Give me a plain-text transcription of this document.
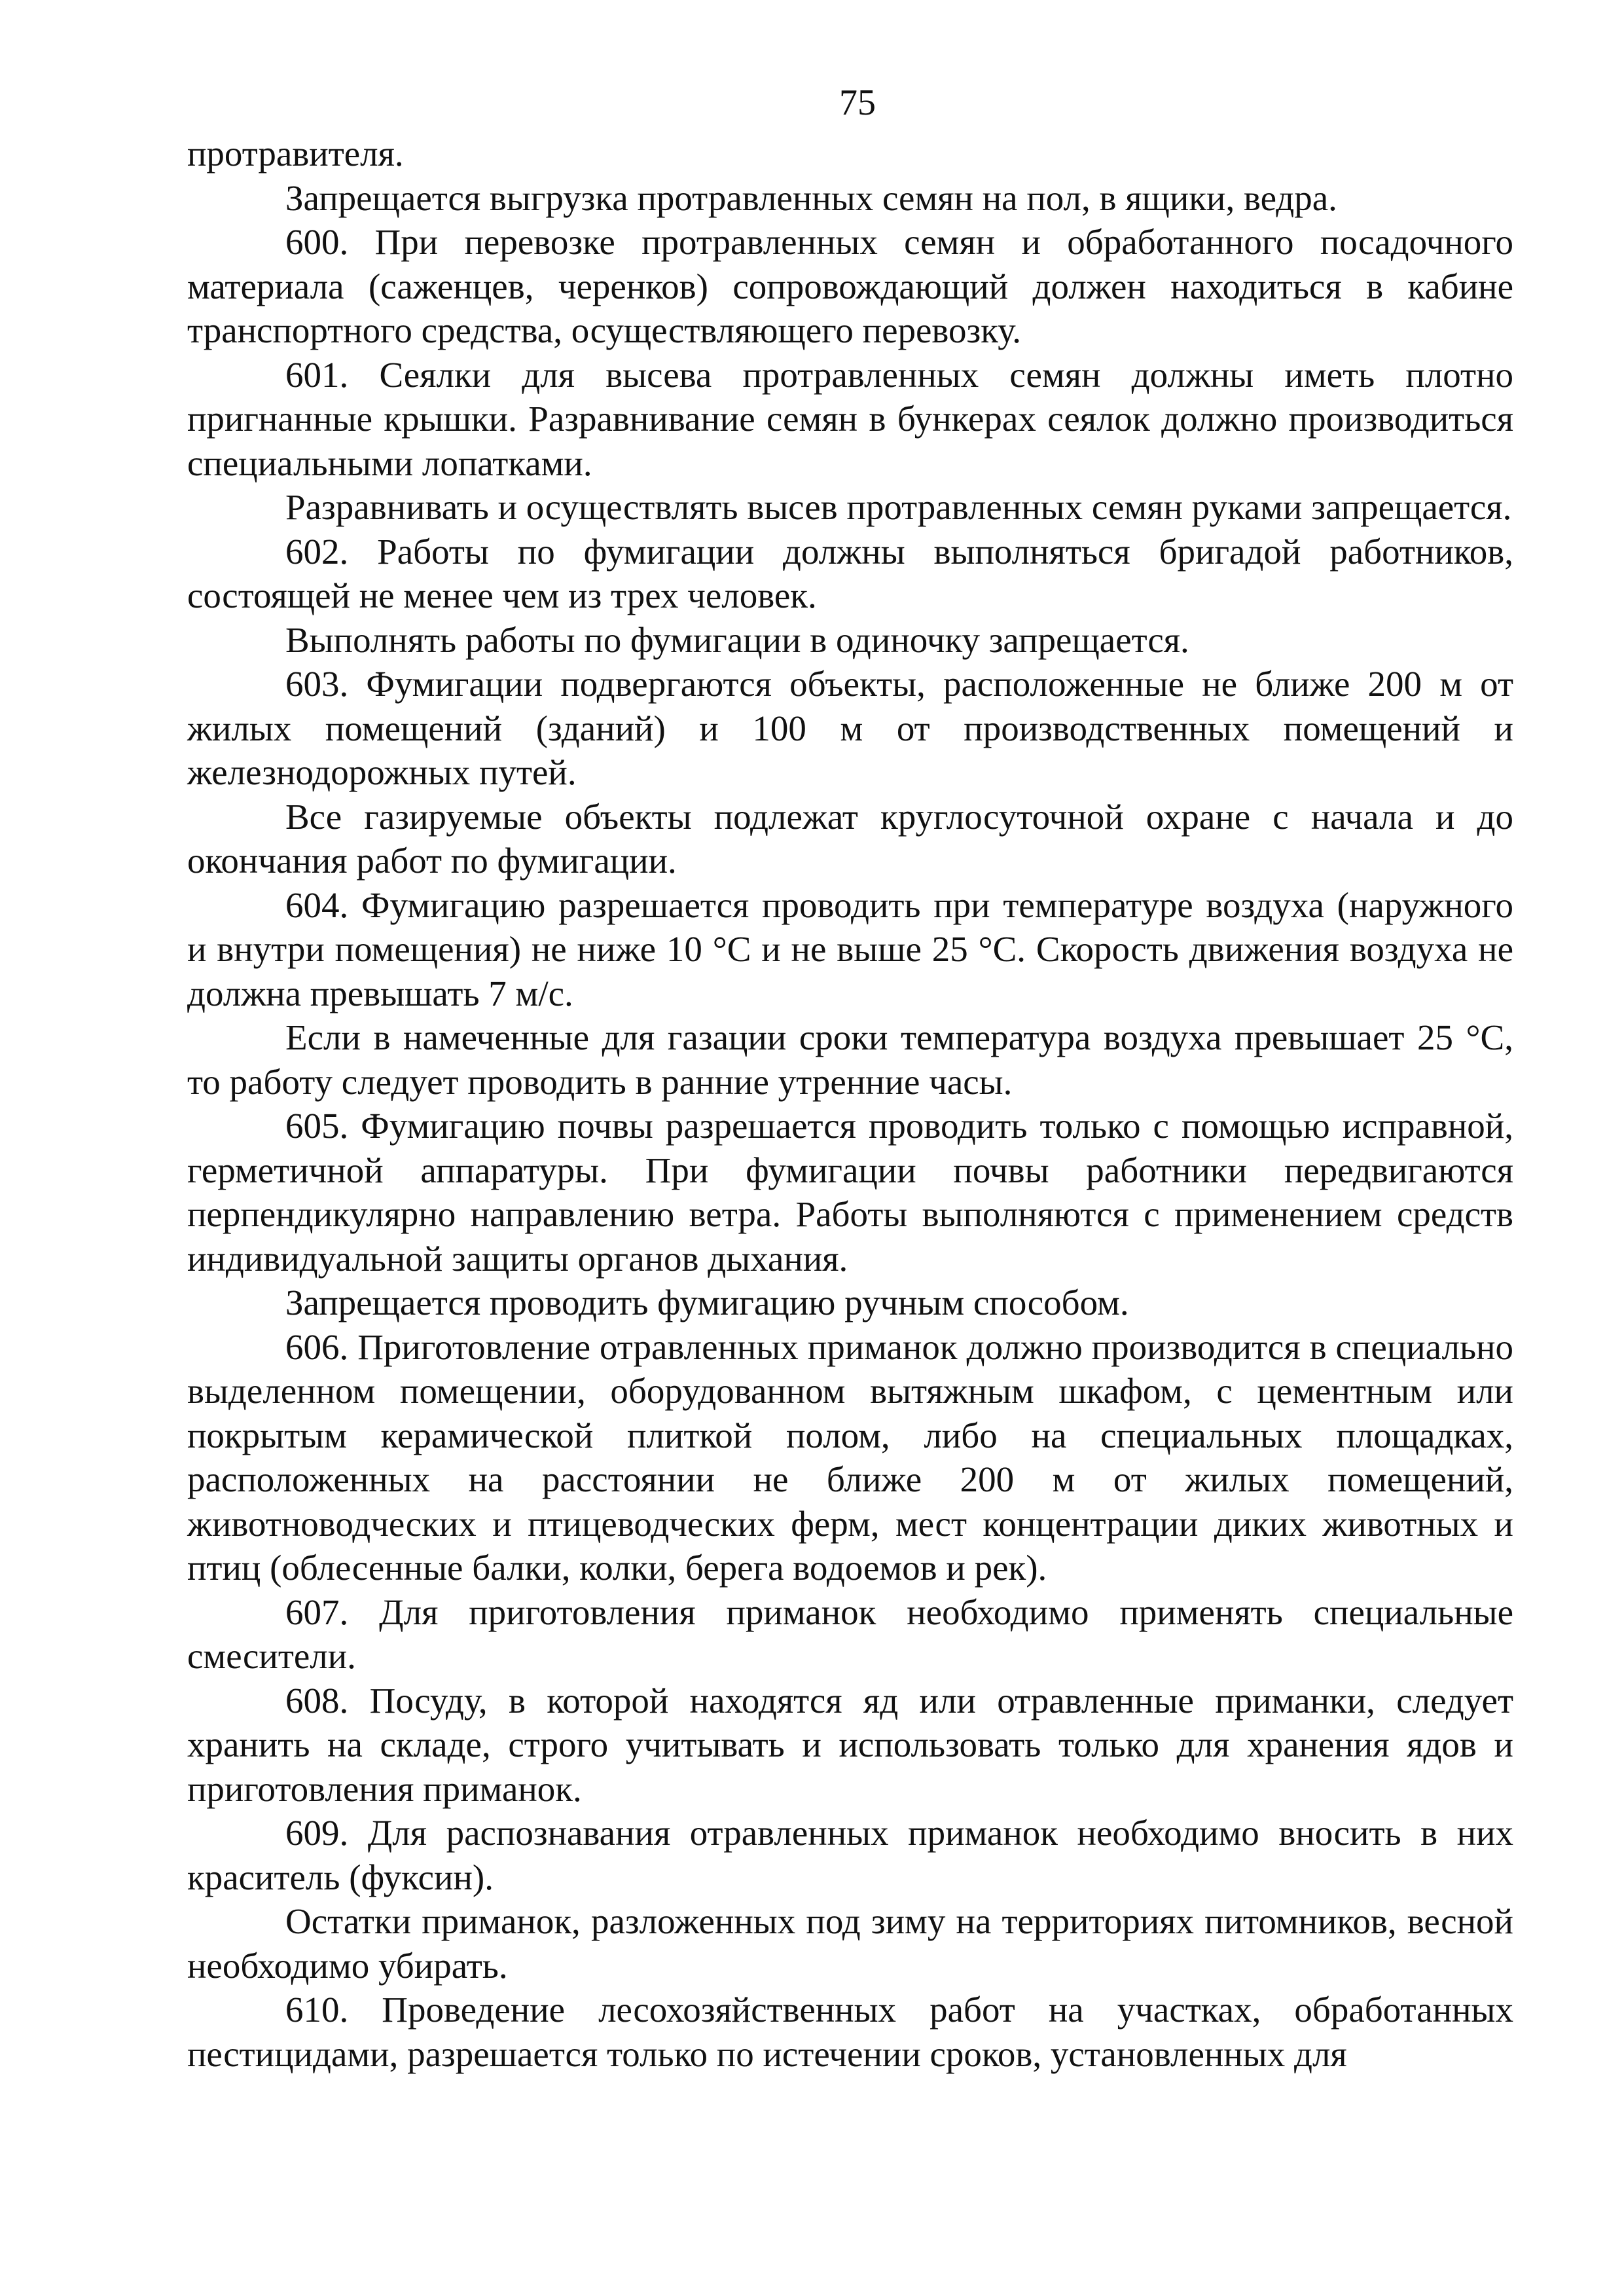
75

протравителя.

Запрещается выгрузка протравленных семян на пол, в ящики, ведра.

600. При перевозке протравленных семян и обработанного посадочного материала (саженцев, черенков) сопровождающий должен находиться в кабине транспортного средства, осуществляющего перевозку.

601. Сеялки для высева протравленных семян должны иметь плотно пригнанные крышки. Разравнивание семян в бункерах сеялок должно производиться специальными лопатками.

Разравнивать и осуществлять высев протравленных семян руками запрещается.

602. Работы по фумигации должны выполняться бригадой работников, состоящей не менее чем из трех человек.

Выполнять работы по фумигации в одиночку запрещается.

603. Фумигации подвергаются объекты, расположенные не ближе 200 м от жилых помещений (зданий) и 100 м от производственных помещений и железнодорожных путей.

Все газируемые объекты подлежат круглосуточной охране с начала и до окончания работ по фумигации.

604. Фумигацию разрешается проводить при температуре воздуха (наружного и внутри помещения) не ниже 10 °C и не выше 25 °C. Скорость движения воздуха не должна превышать 7 м/с.

Если в намеченные для газации сроки температура воздуха превышает 25 °C, то работу следует проводить в ранние утренние часы.

605. Фумигацию почвы разрешается проводить только с помощью исправной, герметичной аппаратуры. При фумигации почвы работники передвигаются перпендикулярно направлению ветра. Работы выполняются с применением средств индивидуальной защиты органов дыхания.

Запрещается проводить фумигацию ручным способом.

606. Приготовление отравленных приманок должно производится в специально выделенном помещении, оборудованном вытяжным шкафом, с цементным или покрытым керамической плиткой полом, либо на специальных площадках, расположенных на расстоянии не ближе 200 м от жилых помещений, животноводческих и птицеводческих ферм, мест концентрации диких животных и птиц (облесенные балки, колки, берега водоемов и рек).

607. Для приготовления приманок необходимо применять специальные смесители.

608. Посуду, в которой находятся яд или отравленные приманки, следует хранить на складе, строго учитывать и использовать только для хранения ядов и приготовления приманок.

609. Для распознавания отравленных приманок необходимо вносить в них краситель (фуксин).

Остатки приманок, разложенных под зиму на территориях питомников, весной необходимо убирать.

610. Проведение лесохозяйственных работ на участках, обработанных пестицидами, разрешается только по истечении сроков, установленных для
